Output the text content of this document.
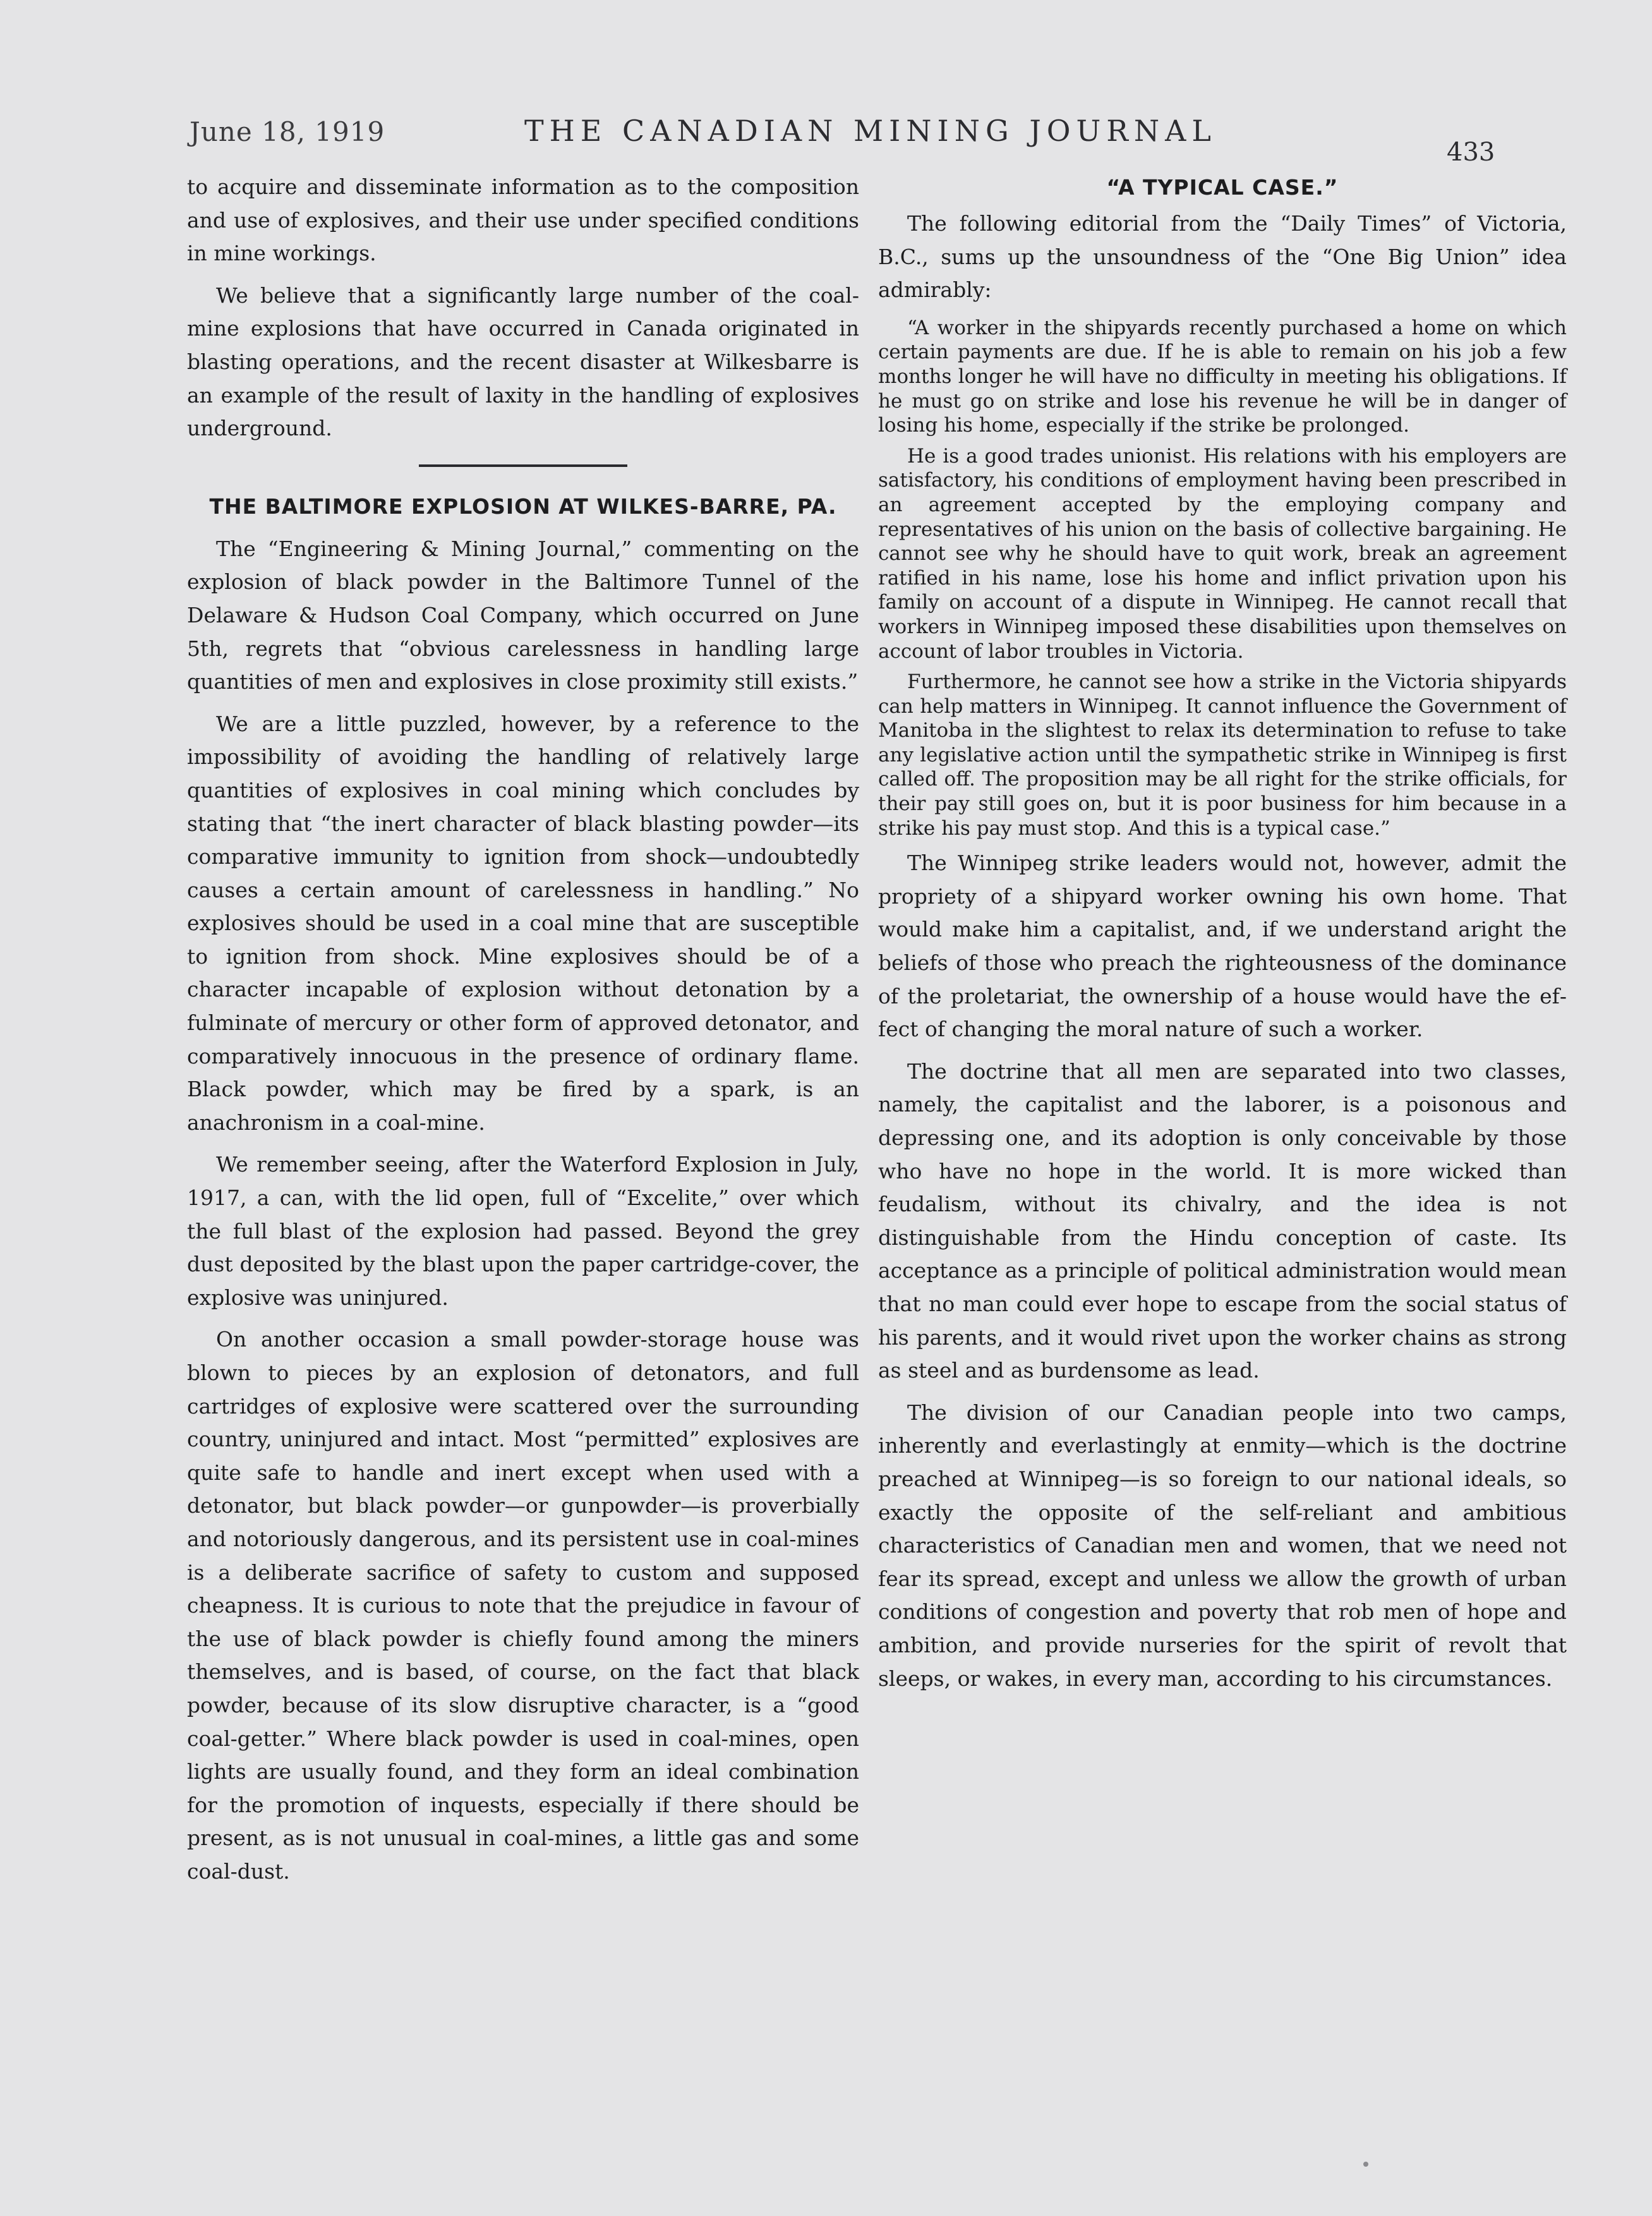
June 18, 1919	THE CANADIAN MINING JOURNAL
433

to acquire and disseminate information as to the composition and use of explosives, and their use under specified conditions in mine workings.

We believe that a significantly large number of the coal-mine explosions that have occurred in Canada originated in blasting operations, and the recent disaster at Wilkesbarre is an example of the result of laxity in the handling of explosives underground.

THE BALTIMORE EXPLOSION AT WILKES-BARRE, PA.

The “Engineering & Mining Journal,” commenting on the explosion of black powder in the Baltimore Tunnel of the Delaware & Hudson Coal Company, which occurred on June 5th, regrets that “obvious carelessness in handling large quantities of men and explosives in close proximity still exists.”

We are a little puzzled, however, by a reference to the impossibility of avoiding the handling of relatively large quantities of explosives in coal mining which concludes by stating that “the inert character of black blasting powder—its comparative immunity to ignition from shock—undoubtedly causes a certain amount of carelessness in handling.” No explosives should be used in a coal mine that are susceptible to ignition from shock. Mine explosives should be of a character incapable of explosion without detonation by a fulminate of mercury or other form of approved detonator, and comparatively innocuous in the presence of ordinary flame. Black powder, which may be fired by a spark, is an anachronism in a coal-mine.

We remember seeing, after the Waterford Explosion in July, 1917, a can, with the lid open, full of “Excelite,” over which the full blast of the explosion had passed. Beyond the grey dust deposited by the blast upon the paper cartridge-cover, the explosive was uninjured.

On another occasion a small powder-storage house was blown to pieces by an explosion of detonators, and full cartridges of explosive were scattered over the surrounding country, uninjured and intact. Most “permitted” explosives are quite safe to handle and inert except when used with a detonator, but black powder—or gunpowder—is proverbially and notoriously dangerous, and its persistent use in coal-mines is a deliberate sacrifice of safety to custom and supposed cheapness. It is curious to note that the prejudice in favour of the use of black powder is chiefly found among the miners themselves, and is based, of course, on the fact that black powder, because of its slow disruptive character, is a “good coal-getter.” Where black powder is used in coal-mines, open lights are usually found, and they form an ideal combination for the promotion of inquests, especially if there should be present, as is not unusual in coal-mines, a little gas and some coal-dust.

“A TYPICAL CASE.”

The following editorial from the “Daily Times” of Victoria, B.C., sums up the unsoundness of the “One Big Union” idea admirably:

“A worker in the shipyards recently purchased a home on which certain payments are due. If he is able to remain on his job a few months longer he will have no difficulty in meeting his obligations. If he must go on strike and lose his revenue he will be in danger of losing his home, especially if the strike be prolonged.

He is a good trades unionist. His relations with his employers are satisfactory, his conditions of employment having been prescribed in an agreement accepted by the employing company and representatives of his union on the basis of collective bargaining. He cannot see why he should have to quit work, break an agreement ratified in his name, lose his home and inflict privation upon his family on account of a dispute in Winnipeg. He cannot recall that workers in Winnipeg imposed these disabilities upon themselves on account of labor troubles in Victoria.

Furthermore, he cannot see how a strike in the Victoria shipyards can help matters in Winnipeg. It cannot influence the Government of Manitoba in the slightest to relax its determination to refuse to take any legislative action until the sympathetic strike in Winnipeg is first called off. The proposition may be all right for the strike officials, for their pay still goes on, but it is poor business for him because in a strike his pay must stop. And this is a typical case.”

The Winnipeg strike leaders would not, however, admit the propriety of a shipyard worker owning his own home. That would make him a capitalist, and, if we understand aright the beliefs of those who preach the righteousness of the dominance of the proletariat, the ownership of a house would have the effect of changing the moral nature of such a worker.

The doctrine that all men are separated into two classes, namely, the capitalist and the laborer, is a poisonous and depressing one, and its adoption is only conceivable by those who have no hope in the world. It is more wicked than feudalism, without its chivalry, and the idea is not distinguishable from the Hindu conception of caste. Its acceptance as a principle of political administration would mean that no man could ever hope to escape from the social status of his parents, and it would rivet upon the worker chains as strong as steel and as burdensome as lead.

The division of our Canadian people into two camps, inherently and everlastingly at enmity—which is the doctrine preached at Winnipeg—is so foreign to our national ideals, so exactly the opposite of the self-reliant and ambitious characteristics of Canadian men and women, that we need not fear its spread, except and unless we allow the growth of urban conditions of congestion and poverty that rob men of hope and ambition, and provide nurseries for the spirit of revolt that sleeps, or wakes, in every man, according to his circumstances.
